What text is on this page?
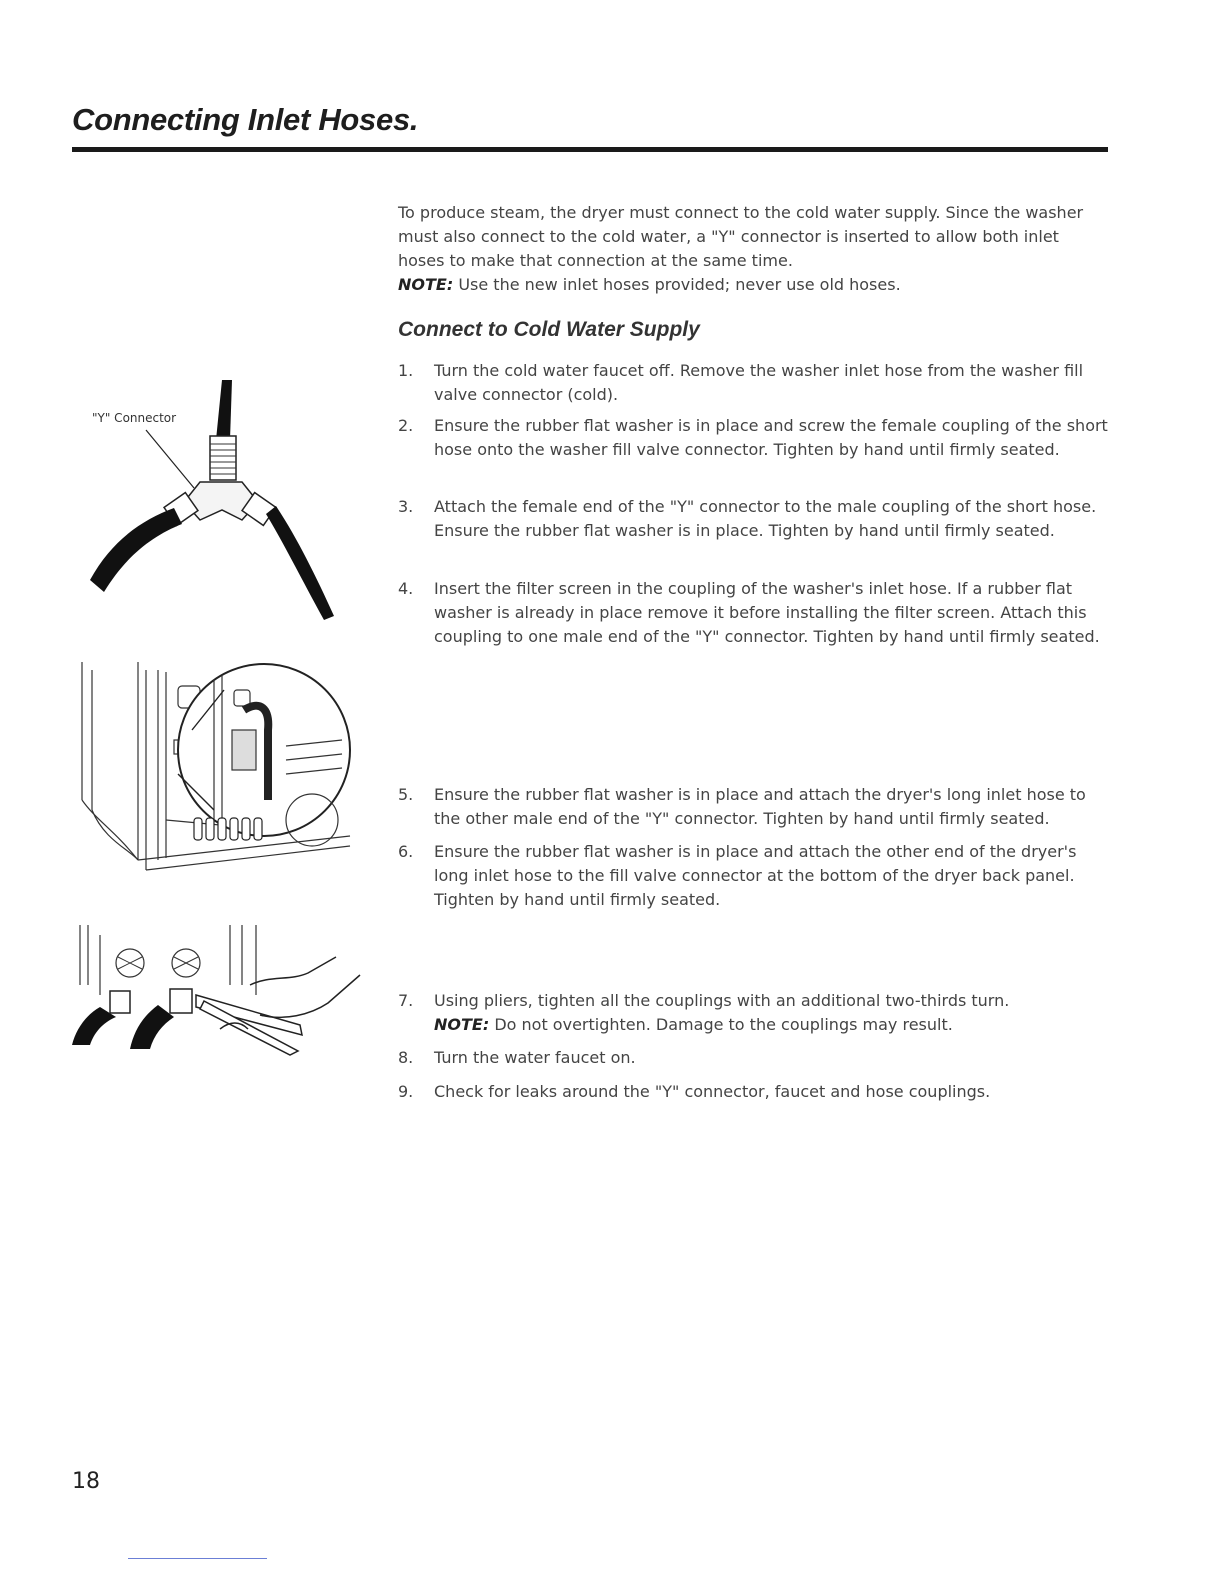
Connecting Inlet Hoses.

To produce steam, the dryer must connect to the cold water supply. Since the washer must also connect to the cold water, a "Y" connector is inserted to allow both inlet hoses to make that connection at the same time.
NOTE: Use the new inlet hoses provided; never use old hoses.

Connect to Cold Water Supply
1.	Turn the cold water faucet off. Remove the washer inlet hose from the washer fill valve connector (cold).
2.	Ensure the rubber flat washer is in place and screw the female coupling of the short hose onto the washer fill valve connector. Tighten by hand until firmly seated.
3.	Attach the female end of the "Y" connector to the male coupling of the short hose. Ensure the rubber flat washer is in place. Tighten by hand until firmly seated.
4.	Insert the filter screen in the coupling of the washer's inlet hose. If a rubber flat washer is already in place remove it before installing the filter screen. Attach this coupling to one male end of the "Y" connector. Tighten by hand until firmly seated.
5.	Ensure the rubber flat washer is in place and attach the dryer's long inlet hose to the other male end of the "Y" connector. Tighten by hand until firmly seated.
6.	Ensure the rubber flat washer is in place and attach the other end of the dryer's long inlet hose to the fill valve connector at the bottom of the dryer back panel. Tighten by hand until firmly seated.
7.	Using pliers, tighten all the couplings with an additional two-thirds turn.
NOTE: Do not overtighten. Damage to the couplings may result.
8.	Turn the water faucet on.
9.	Check for leaks around the "Y" connector, faucet and hose couplings.
"Y" Connector
18
